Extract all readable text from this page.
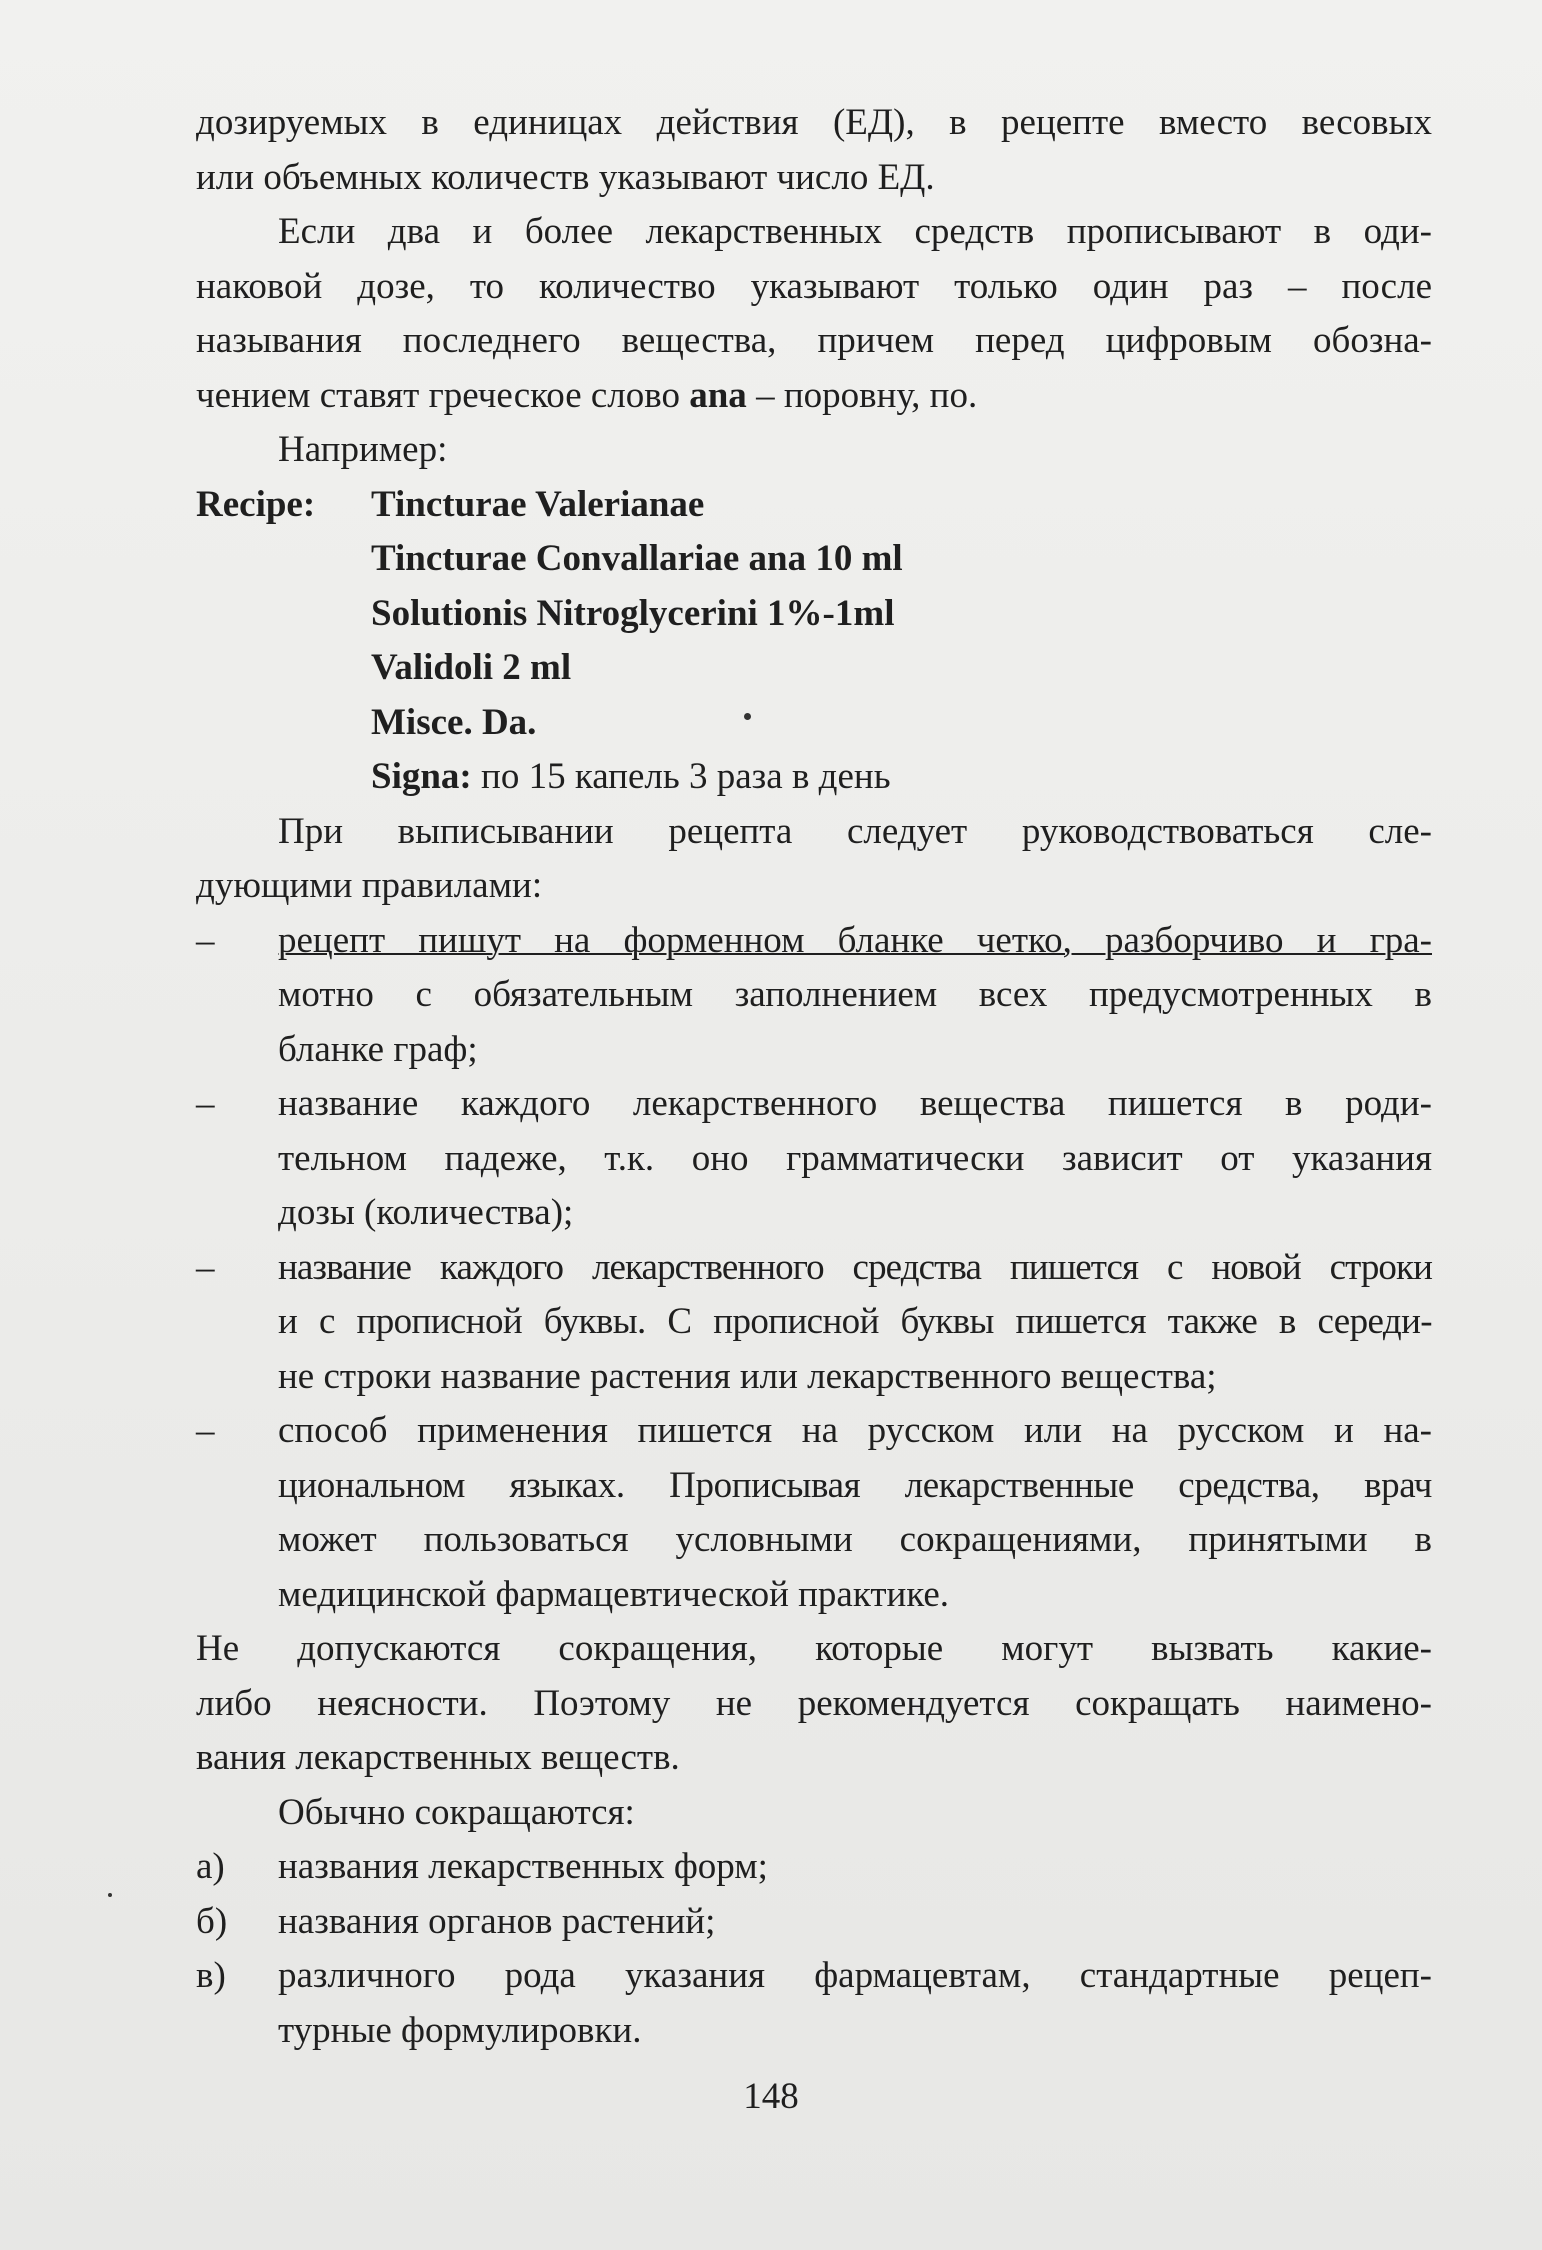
дозируемых в единицах действия (ЕД), в рецепте вместо весовых
или объемных количеств указывают число ЕД.
Если два и более лекарственных средств прописывают в оди-
наковой дозе, то количество указывают только один раз – после
называния последнего вещества, причем перед цифровым обозна-
чением ставят греческое слово ana – поровну, по.
Например:
Recipe:	Tincturae Valerianae
Tincturae Convallariae ana 10 ml
Solutionis Nitroglycerini 1%-1ml
Validoli 2 ml
Misce. Da.
Signa: по 15 капель 3 раза в день
При выписывании рецепта следует руководствоваться сле-
дующими правилами:
– рецепт пишут на форменном бланке четко, разборчиво и гра-
мотно с обязательным заполнением всех предусмотренных в
бланке граф;
– название каждого лекарственного вещества пишется в роди-
тельном падеже, т.к. оно грамматически зависит от указания
дозы (количества);
– название каждого лекарственного средства пишется с новой строки
и с прописной буквы. С прописной буквы пишется также в середи-
не строки название растения или лекарственного вещества;
– способ применения пишется на русском или на русском и на-
циональном языках. Прописывая лекарственные средства, врач
может пользоваться условными сокращениями, принятыми в
медицинской фармацевтической практике.
Не допускаются сокращения, которые могут вызвать какие-
либо неясности. Поэтому не рекомендуется сокращать наимено-
вания лекарственных веществ.
Обычно сокращаются:
а) названия лекарственных форм;
б) названия органов растений;
в) различного рода указания фармацевтам, стандартные рецеп-
турные формулировки.
148
